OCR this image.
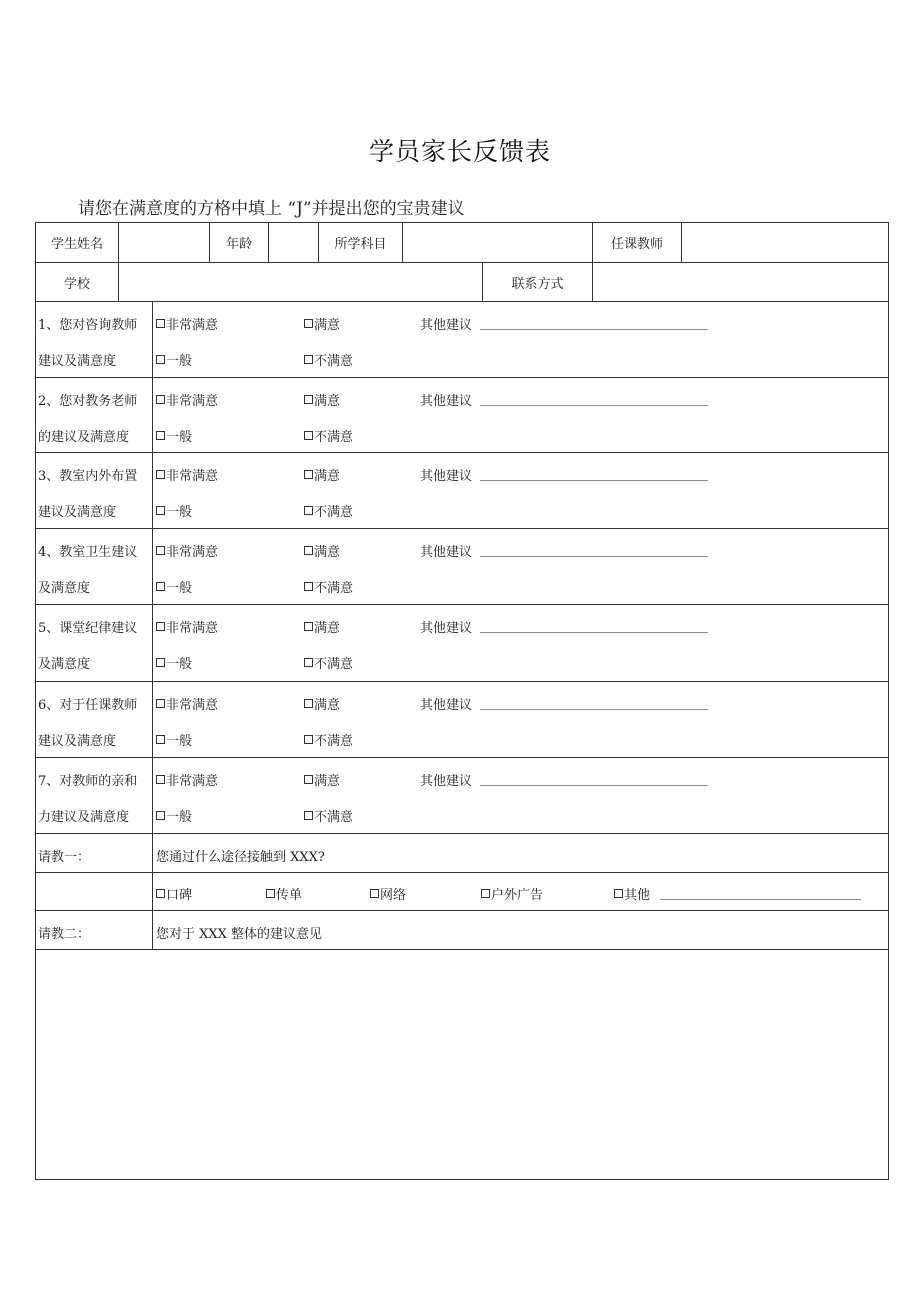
学员家长反馈表
请您在满意度的方格中填上 “J”并提出您的宝贵建议
学生姓名	年龄	所学科目	任课教师
学校	联系方式
1、您对咨询教师
建议及满意度
非常满意	满意	其他建议
一般	不满意
2、您对教务老师
的建议及满意度
非常满意	满意	其他建议
一般	不满意
3、教室内外布置
建议及满意度
非常满意	满意	其他建议
一般	不满意
4、教室卫生建议
及满意度
非常满意	满意	其他建议
一般	不满意
5、课堂纪律建议
及满意度
非常满意	满意	其他建议
一般	不满意
6、对于任课教师
建议及满意度
非常满意	满意	其他建议
一般	不满意
7、对教师的亲和
力建议及满意度
非常满意	满意	其他建议
一般	不满意
请教一：	您通过什么途径接触到 XXX?
口碑	传单	网络	户外广告	其他
请教二：	您对于 XXX 整体的建议意见
